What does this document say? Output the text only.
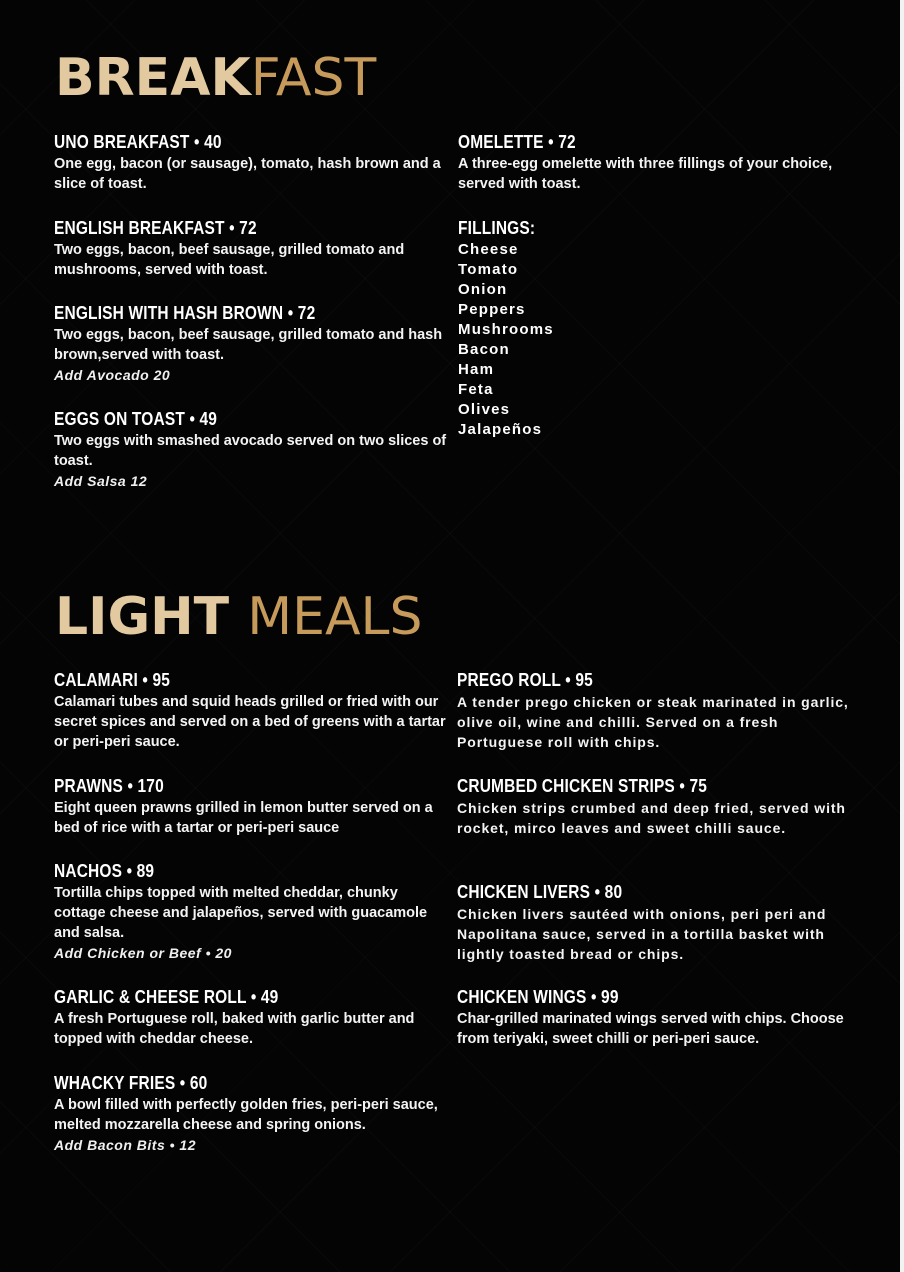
BREAKFAST
UNO BREAKFAST • 40
One egg, bacon (or sausage), tomato, hash brown and a slice of toast.
ENGLISH BREAKFAST • 72
Two eggs, bacon, beef sausage, grilled tomato and mushrooms, served with toast.
ENGLISH WITH HASH BROWN • 72
Two eggs, bacon, beef sausage, grilled tomato and hash brown,served with toast.
Add Avocado 20
EGGS ON TOAST • 49
Two eggs with smashed avocado served on two slices of toast.
Add Salsa 12
OMELETTE • 72
A three-egg omelette with three fillings of your choice, served with toast.
FILLINGS:
Cheese
Tomato
Onion
Peppers
Mushrooms
Bacon
Ham
Feta
Olives
Jalapeños
LIGHT MEALS
CALAMARI • 95
Calamari tubes and squid heads grilled or fried with our secret spices and served on a bed of greens with a tartar or peri-peri sauce.
PRAWNS • 170
Eight queen prawns grilled in lemon butter served on a bed of rice with a tartar or peri-peri sauce
NACHOS • 89
Tortilla chips topped with melted cheddar, chunky cottage cheese and jalapeños, served with guacamole and salsa.
Add Chicken or Beef • 20
GARLIC & CHEESE ROLL • 49
A fresh Portuguese roll, baked with garlic butter and topped with cheddar cheese.
WHACKY FRIES • 60
A bowl filled with perfectly golden fries, peri-peri sauce, melted mozzarella cheese and spring onions.
Add Bacon Bits • 12
PREGO ROLL • 95
A tender prego chicken or steak marinated in garlic, olive oil, wine and chilli. Served on a fresh Portuguese roll with chips.
CRUMBED CHICKEN STRIPS • 75
Chicken strips crumbed and deep fried, served with rocket, mirco leaves and sweet chilli sauce.
CHICKEN LIVERS • 80
Chicken livers sautéed with onions, peri peri and Napolitana sauce, served in a tortilla basket with lightly toasted bread or chips.
CHICKEN WINGS • 99
Char-grilled marinated wings served with chips. Choose from teriyaki, sweet chilli or peri-peri sauce.
